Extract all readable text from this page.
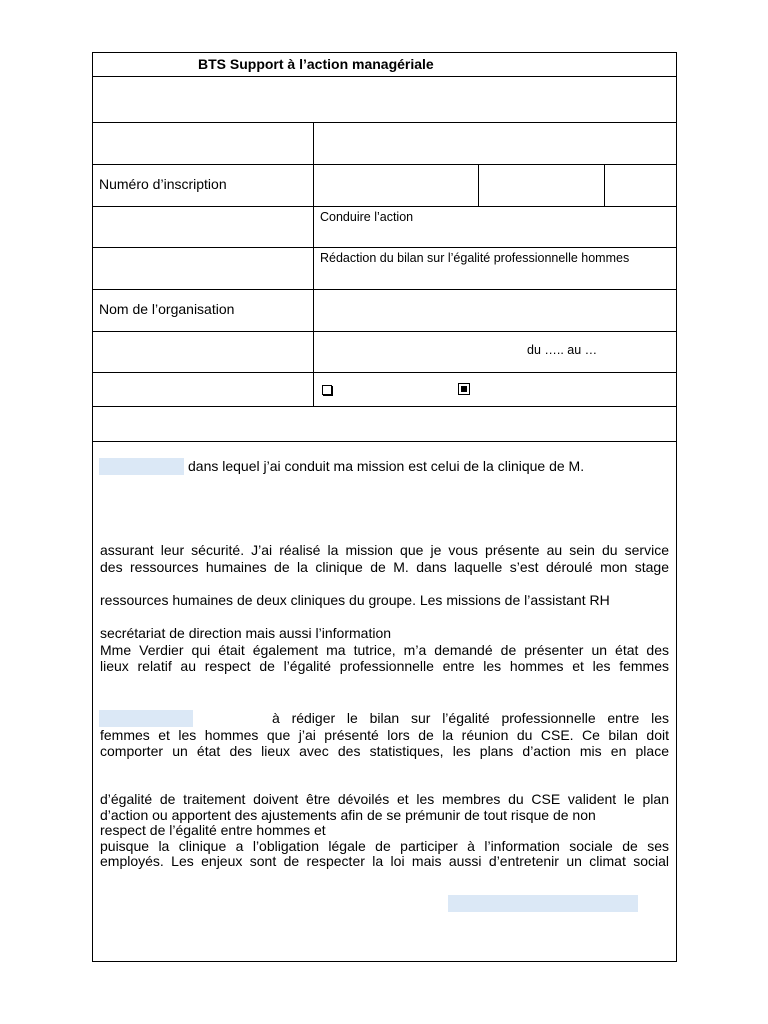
BTS Support à l’action managériale
Numéro d’inscription
Conduire l’action
Rédaction du bilan sur l’égalité professionnelle hommes
Nom de l’organisation
du ….. au …
dans lequel j’ai conduit ma mission est celui de la clinique de M.
assurant leur sécurité. J’ai réalisé la mission que je vous présente au sein du service
des ressources humaines de la clinique de M. dans laquelle s’est déroulé mon stage
ressources humaines de deux cliniques du groupe. Les missions de l’assistant RH
secrétariat de direction mais aussi l’information
Mme Verdier qui était également ma tutrice, m’a demandé de présenter un état des
lieux relatif au respect de l’égalité professionnelle entre les hommes et les femmes
à rédiger le bilan sur l’égalité professionnelle entre les
femmes et les hommes que j’ai présenté lors de la réunion du CSE. Ce bilan doit
comporter un état des lieux avec des statistiques, les plans d’action mis en place
d’égalité de traitement doivent être dévoilés et les membres du CSE valident le plan
d’action ou apportent des ajustements afin de se prémunir de tout risque de non
respect de l’égalité entre hommes et
puisque la clinique a l’obligation légale de participer à l’information sociale de ses
employés. Les enjeux sont de respecter la loi mais aussi d’entretenir un climat social
